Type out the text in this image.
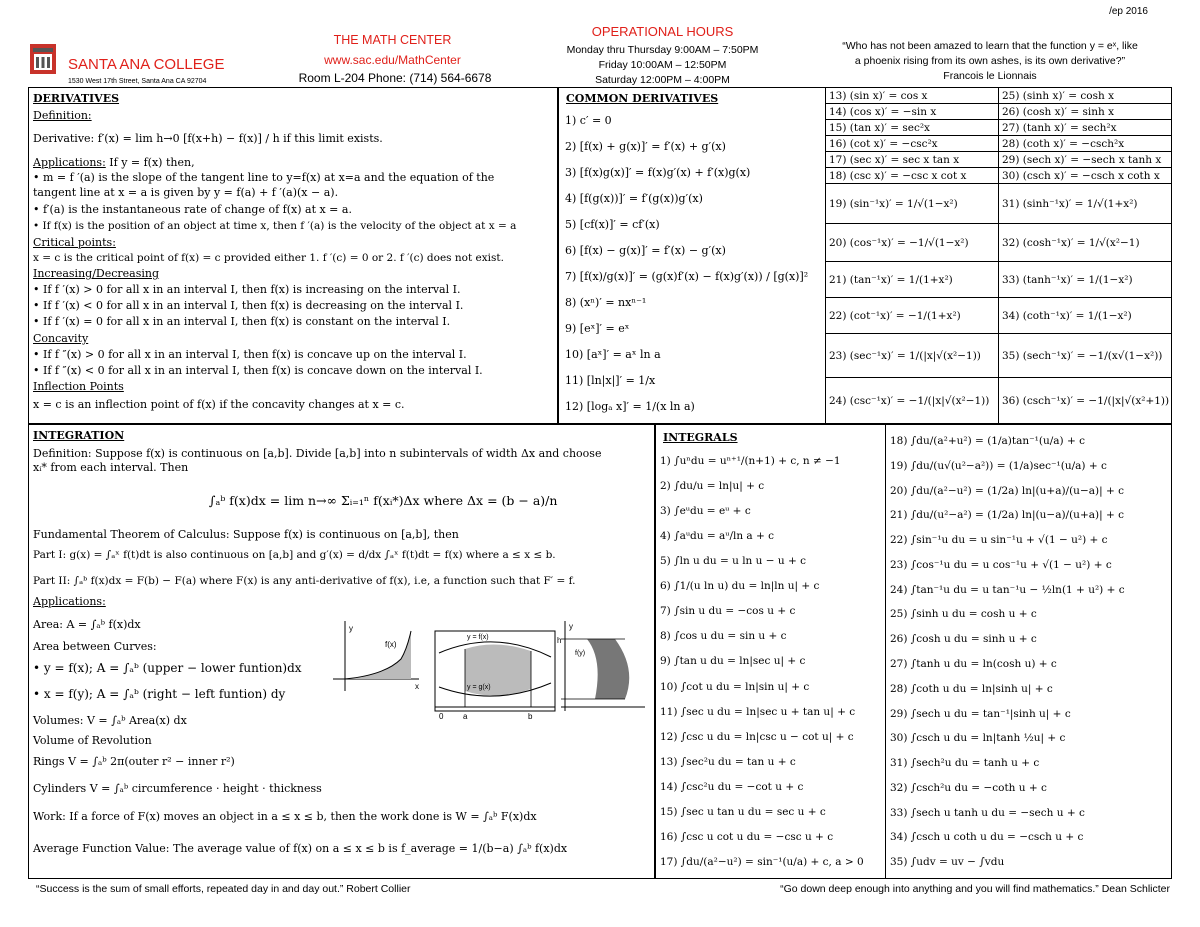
/ep 2016
SANTA ANA COLLEGE
1530 West 17th Street, Santa Ana CA 92704
THE MATH CENTER
www.sac.edu/MathCenter
Room L-204 Phone: (714) 564-6678
OPERATIONAL HOURS
Monday thru Thursday 9:00AM – 7:50PM
Friday 10:00AM – 12:50PM
Saturday 12:00PM – 4:00PM
“Who has not been amazed to learn that the function y = eˣ, like
a phoenix rising from its own ashes, is its own derivative?”
Francois le Lionnais
DERIVATIVES
Definition:
Derivative: f′(x) = lim h→0 [f(x+h) − f(x)] / h if this limit exists.
Applications: If y = f(x) then,
• m = f ′(a) is the slope of the tangent line to y=f(x) at x=a and the equation of the
tangent line at x = a is given by y = f(a) + f ′(a)(x − a).
• f′(a) is the instantaneous rate of change of f(x) at x = a.
• If f(x) is the position of an object at time x, then f ′(a) is the velocity of the object at x = a
Critical points:
x = c is the critical point of f(x) = c provided either 1. f ′(c) = 0 or 2. f ′(c) does not exist.
Increasing/Decreasing
• If f ′(x) > 0 for all x in an interval I, then f(x) is increasing on the interval I.
• If f ′(x) < 0 for all x in an interval I, then f(x) is decreasing on the interval I.
• If f ′(x) = 0 for all x in an interval I, then f(x) is constant on the interval I.
Concavity
• If f ″(x) > 0 for all x in an interval I, then f(x) is concave up on the interval I.
• If f ″(x) < 0 for all x in an interval I, then f(x) is concave down on the interval I.
Inflection Points
x = c is an inflection point of f(x) if the concavity changes at x = c.
COMMON DERIVATIVES
1) c′ = 0
2) [f(x) + g(x)]′ = f′(x) + g′(x)
3) [f(x)g(x)]′ = f(x)g′(x) + f′(x)g(x)
4) [f(g(x))]′ = f′(g(x))g′(x)
5) [cf(x)]′ = cf′(x)
6) [f(x) − g(x)]′ = f′(x) − g′(x)
7) [f(x)/g(x)]′ = (g(x)f′(x) − f(x)g′(x)) / [g(x)]²
8) (xⁿ)′ = nxⁿ⁻¹
9) [eˣ]′ = eˣ
10) [aˣ]′ = aˣ ln a
11) [ln|x|]′ = 1/x
12) [logₐ x]′ = 1/(x ln a)
13) (sin x)′ = cos x
14) (cos x)′ = −sin x
15) (tan x)′ = sec²x
16) (cot x)′ = −csc²x
17) (sec x)′ = sec x tan x
18) (csc x)′ = −csc x cot x
19) (sin⁻¹x)′ = 1/√(1−x²)
20) (cos⁻¹x)′ = −1/√(1−x²)
21) (tan⁻¹x)′ = 1/(1+x²)
22) (cot⁻¹x)′ = −1/(1+x²)
23) (sec⁻¹x)′ = 1/(|x|√(x²−1))
24) (csc⁻¹x)′ = −1/(|x|√(x²−1))
25) (sinh x)′ = cosh x
26) (cosh x)′ = sinh x
27) (tanh x)′ = sech²x
28) (coth x)′ = −csch²x
29) (sech x)′ = −sech x tanh x
30) (csch x)′ = −csch x coth x
31) (sinh⁻¹x)′ = 1/√(1+x²)
32) (cosh⁻¹x)′ = 1/√(x²−1)
33) (tanh⁻¹x)′ = 1/(1−x²)
34) (coth⁻¹x)′ = 1/(1−x²)
35) (sech⁻¹x)′ = −1/(x√(1−x²))
36) (csch⁻¹x)′ = −1/(|x|√(x²+1))
INTEGRATION
Definition: Suppose f(x) is continuous on [a,b]. Divide [a,b] into n subintervals of width Δx and choose
xᵢ* from each interval. Then
∫ₐᵇ f(x)dx = lim n→∞ Σᵢ₌₁ⁿ f(xᵢ*)Δx where Δx = (b − a)/n
Fundamental Theorem of Calculus: Suppose f(x) is continuous on [a,b], then
Part I: g(x) = ∫ₐˣ f(t)dt is also continuous on [a,b] and g′(x) = d/dx ∫ₐˣ f(t)dt = f(x) where a ≤ x ≤ b.
Part II: ∫ₐᵇ f(x)dx = F(b) − F(a) where F(x) is any anti-derivative of f(x), i.e, a function such that F′ = f.
Applications:
Area: A = ∫ₐᵇ f(x)dx
Area between Curves:
• y = f(x); A = ∫ₐᵇ (upper − lower funtion)dx
• x = f(y); A = ∫ₐᵇ (right − left funtion) dy
Volumes: V = ∫ₐᵇ Area(x) dx
Volume of Revolution
Rings V = ∫ₐᵇ 2π(outer r² − inner r²)
Cylinders V = ∫ₐᵇ circumference · height · thickness
Work: If a force of F(x) moves an object in a ≤ x ≤ b, then the work done is W = ∫ₐᵇ F(x)dx
Average Function Value: The average value of f(x) on a ≤ x ≤ b is f_average = 1/(b−a) ∫ₐᵇ f(x)dx
y
f(x)
x
y = f(x)
y = g(x)
0 a	b
y
f(y)
h
INTEGRALS
1) ∫uⁿdu = uⁿ⁺¹/(n+1) + c, n ≠ −1
2) ∫du/u = ln|u| + c
3) ∫eᵘdu = eᵘ + c
4) ∫aᵘdu = aᵘ/ln a + c
5) ∫ln u du = u ln u − u + c
6) ∫1/(u ln u) du = ln|ln u| + c
7) ∫sin u du = −cos u + c
8) ∫cos u du = sin u + c
9) ∫tan u du = ln|sec u| + c
10) ∫cot u du = ln|sin u| + c
11) ∫sec u du = ln|sec u + tan u| + c
12) ∫csc u du = ln|csc u − cot u| + c
13) ∫sec²u du = tan u + c
14) ∫csc²u du = −cot u + c
15) ∫sec u tan u du = sec u + c
16) ∫csc u cot u du = −csc u + c
17) ∫du/(a²−u²) = sin⁻¹(u/a) + c, a > 0
18) ∫du/(a²+u²) = (1/a)tan⁻¹(u/a) + c
19) ∫du/(u√(u²−a²)) = (1/a)sec⁻¹(u/a) + c
20) ∫du/(a²−u²) = (1/2a) ln|(u+a)/(u−a)| + c
21) ∫du/(u²−a²) = (1/2a) ln|(u−a)/(u+a)| + c
22) ∫sin⁻¹u du = u sin⁻¹u + √(1 − u²) + c
23) ∫cos⁻¹u du = u cos⁻¹u + √(1 − u²) + c
24) ∫tan⁻¹u du = u tan⁻¹u − ½ln(1 + u²) + c
25) ∫sinh u du = cosh u + c
26) ∫cosh u du = sinh u + c
27) ∫tanh u du = ln(cosh u) + c
28) ∫coth u du = ln|sinh u| + c
29) ∫sech u du = tan⁻¹|sinh u| + c
30) ∫csch u du = ln|tanh ½u| + c
31) ∫sech²u du = tanh u + c
32) ∫csch²u du = −coth u + c
33) ∫sech u tanh u du = −sech u + c
34) ∫csch u coth u du = −csch u + c
35) ∫udv = uv − ∫vdu
“Success is the sum of small efforts, repeated day in and day out.” Robert Collier	“Go down deep enough into anything and you will find mathematics.” Dean Schlicter
